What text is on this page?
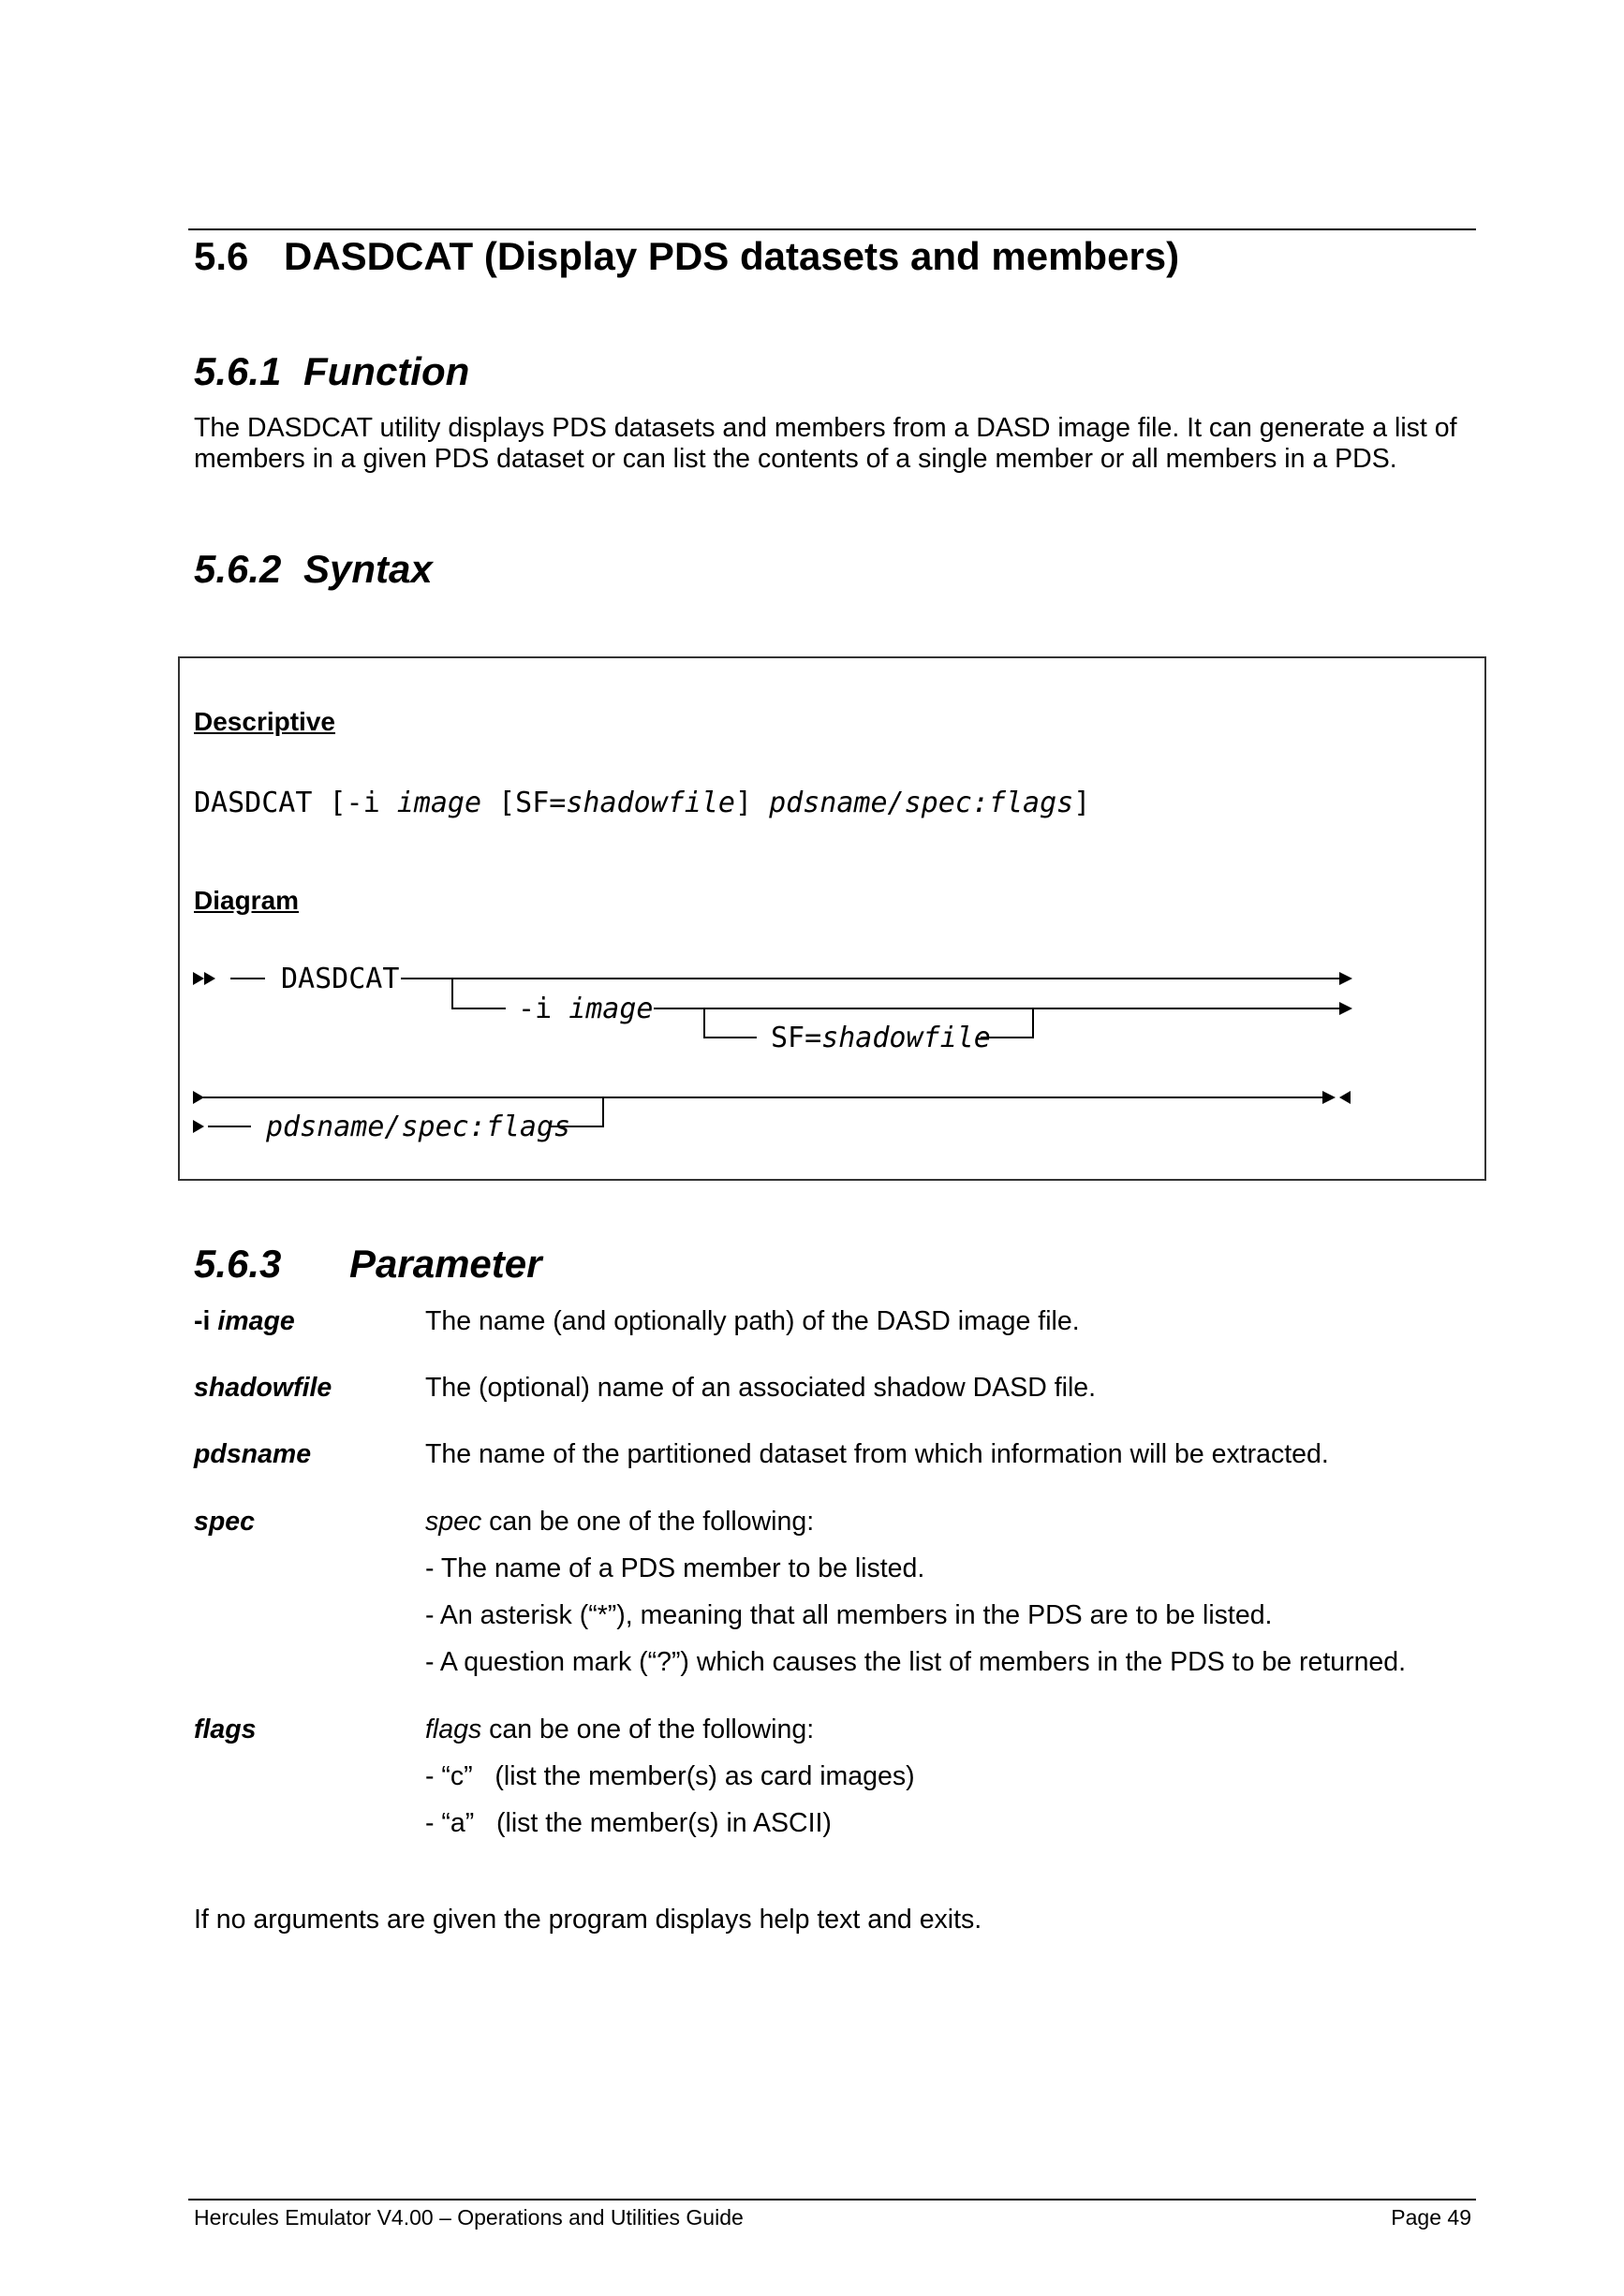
5.6 DASDCAT (Display PDS datasets and members)
5.6.1 Function
The DASDCAT utility displays PDS datasets and members from a DASD image file. It can generate a list of members in a given PDS dataset or can list the contents of a single member or all members in a PDS.
5.6.2 Syntax
Descriptive
DASDCAT [-i image [SF=shadowfile] pdsname/spec:flags]
Diagram
DASDCAT
-i image
SF=shadowfile
pdsname/spec:flags
5.6.3 Parameter
-i image	The name (and optionally path) of the DASD image file.
shadowfile	The (optional) name of an associated shadow DASD file.
pdsname	The name of the partitioned dataset from which information will be extracted.
spec	spec can be one of the following:
- The name of a PDS member to be listed.
- An asterisk (“*”), meaning that all members in the PDS are to be listed.
- A question mark (“?”) which causes the list of members in the PDS to be returned.
flags	flags can be one of the following:
- “c”   (list the member(s) as card images)
- “a”   (list the member(s) in ASCII)
If no arguments are given the program displays help text and exits.
Hercules Emulator V4.00 – Operations and Utilities Guide	Page 49
